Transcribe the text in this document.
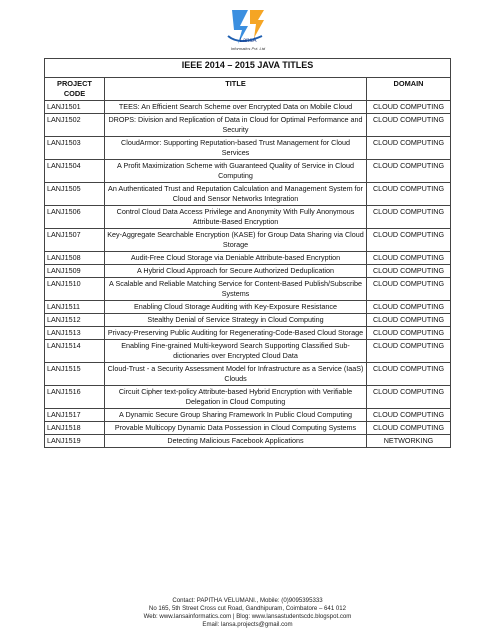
LansA
Informatics Pvt. Ltd
IEEE 2014 – 2015 JAVA TITLES		

PROJECT
CODE	TITLE	DOMAIN
LANJ1501	TEES: An Efficient Search Scheme over Encrypted Data on Mobile Cloud	CLOUD COMPUTING
LANJ1502	DROPS: Division and Replication of Data in Cloud for Optimal Performance and Security	CLOUD COMPUTING
LANJ1503	CloudArmor: Supporting Reputation-based Trust Management for Cloud Services	CLOUD COMPUTING
LANJ1504	A Profit Maximization Scheme with Guaranteed Quality of Service in Cloud Computing	CLOUD COMPUTING
LANJ1505	An Authenticated Trust and Reputation Calculation and Management System for Cloud and Sensor Networks Integration	CLOUD COMPUTING
LANJ1506	Control Cloud Data Access Privilege and Anonymity With Fully Anonymous Attribute-Based Encryption	CLOUD COMPUTING
LANJ1507	Key-Aggregate Searchable Encryption (KASE) for Group Data Sharing via Cloud Storage	CLOUD COMPUTING
LANJ1508	Audit-Free Cloud Storage via Deniable Attribute-based Encryption	CLOUD COMPUTING
LANJ1509	A Hybrid Cloud Approach for Secure Authorized Deduplication	CLOUD COMPUTING
LANJ1510	A Scalable and Reliable Matching Service for Content-Based Publish/Subscribe Systems	CLOUD COMPUTING
LANJ1511	Enabling Cloud Storage Auditing with Key-Exposure Resistance	CLOUD COMPUTING
LANJ1512	Stealthy Denial of Service Strategy in Cloud Computing	CLOUD COMPUTING
LANJ1513	Privacy-Preserving Public Auditing for Regenerating-Code-Based Cloud Storage	CLOUD COMPUTING
LANJ1514	Enabling Fine-grained Multi-keyword Search Supporting Classified Sub-dictionaries over Encrypted Cloud Data	CLOUD COMPUTING
LANJ1515	Cloud-Trust - a Security Assessment Model for Infrastructure as a Service (IaaS) Clouds	CLOUD COMPUTING
LANJ1516	Circuit Cipher text-policy Attribute-based Hybrid Encryption with Verifiable Delegation in Cloud Computing	CLOUD COMPUTING
LANJ1517	A Dynamic Secure Group Sharing Framework In Public Cloud Computing	CLOUD COMPUTING
LANJ1518	Provable Multicopy Dynamic Data Possession in Cloud Computing Systems	CLOUD COMPUTING
LANJ1519	Detecting Malicious Facebook Applications	NETWORKING
Contact: PAPITHA VELUMANI., Mobile: (0)9095395333
No 165, 5th Street Cross cut Road, Gandhipuram, Coimbatore – 641 012
Web: www.lansainformatics.com | Blog: www.lansastudentscdc.blogspot.com
Email: lansa.projects@gmail.com
